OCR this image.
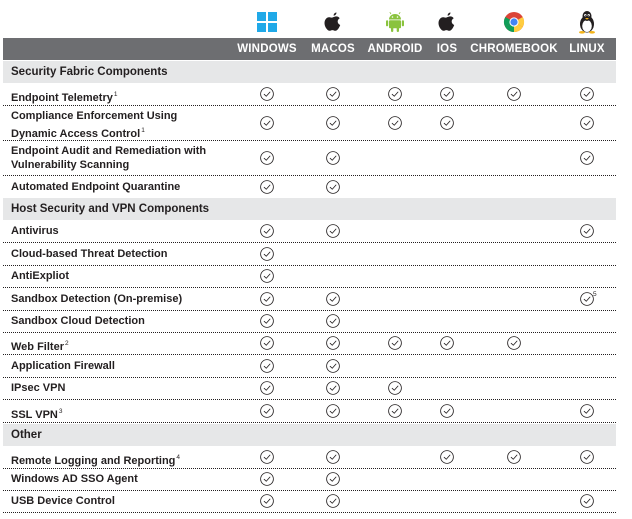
WINDOWS MACOS ANDROID IOS CHROMEBOOK LINUX
Security Fabric Components
Endpoint Telemetry$^1$
Compliance Enforcement Using
Dynamic Access Control$^1$
Endpoint Audit and Remediation with
Vulnerability Scanning
Automated Endpoint Quarantine
Host Security and VPN Components
Antivirus
Cloud-based Threat Detection
AntiExpliot
Sandbox Detection (On-premise)	5
Sandbox Cloud Detection
Web Filter$^2$
Application Firewall
IPsec VPN
SSL VPN$^3$
Other
Remote Logging and Reporting$^4$
Windows AD SSO Agent
USB Device Control
